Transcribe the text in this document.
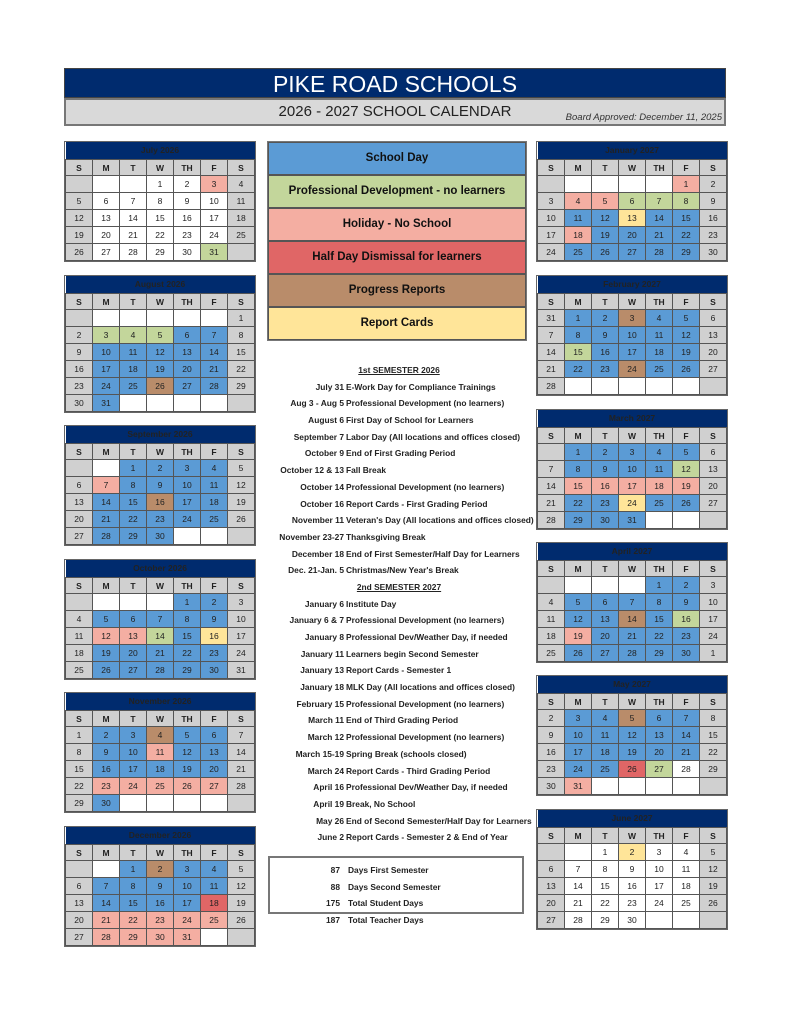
PIKE ROAD SCHOOLS
2026 - 2027 SCHOOL CALENDAR	Board Approved: December 11, 2025
School Day
Professional Development - no learners
Holiday - No School
Half Day Dismissal for learners
Progress Reports
Report Cards
1st SEMESTER 2026
July 31 E-Work Day for Compliance Trainings
Aug 3 - Aug 5 Professional Development (no learners)
August 6 First Day of School for Learners
September 7 Labor Day (All locations and offices closed)
October 9 End of First Grading Period
October 12 & 13 Fall Break
October 14 Professional Development (no learners)
October 16 Report Cards - First Grading Period
November 11 Veteran's Day (All locations and offices closed)
November 23-27 Thanksgiving Break
December 18 End of First Semester/Half Day for Learners
Dec. 21-Jan. 5 Christmas/New Year's Break
2nd SEMESTER 2027
January 6 Institute Day
January 6 & 7 Professional Development (no learners)
January 8 Professional Dev/Weather Day, if needed
January 11 Learners begin Second Semester
January 13 Report Cards - Semester 1
January 18 MLK Day (All locations and offices closed)
February 15 Professional Development (no learners)
March 11 End of Third Grading Period
March 12 Professional Development (no learners)
March 15-19 Spring Break (schools closed)
March 24 Report Cards - Third Grading Period
April 16 Professional Dev/Weather Day, if needed
April 19 Break, No School
May 26 End of Second Semester/Half Day for Learners
June 2 Report Cards - Semester 2 & End of Year
87 Days First Semester
88 Days Second Semester
175 Total Student Days
187 Total Teacher Days
July 2026						
S	M	T	W	TH	F	S
			1	2	3	4
5	6	7	8	9	10	11
12	13	14	15	16	17	18
19	20	21	22	23	24	25
26	27	28	29	30	31	
August 2026						
S	M	T	W	TH	F	S
						1
2	3	4	5	6	7	8
9	10	11	12	13	14	15
16	17	18	19	20	21	22
23	24	25	26	27	28	29
30	31					
September 2026						
S	M	T	W	TH	F	S
		1	2	3	4	5
6	7	8	9	10	11	12
13	14	15	16	17	18	19
20	21	22	23	24	25	26
27	28	29	30			
October 2026						
S	M	T	W	TH	F	S
				1	2	3
4	5	6	7	8	9	10
11	12	13	14	15	16	17
18	19	20	21	22	23	24
25	26	27	28	29	30	31
November 2026						
S	M	T	W	TH	F	S
1	2	3	4	5	6	7
8	9	10	11	12	13	14
15	16	17	18	19	20	21
22	23	24	25	26	27	28
29	30					
December 2026						
S	M	T	W	TH	F	S
		1	2	3	4	5
6	7	8	9	10	11	12
13	14	15	16	17	18	19
20	21	22	23	24	25	26
27	28	29	30	31		
January 2027						
S	M	T	W	TH	F	S
					1	2
3	4	5	6	7	8	9
10	11	12	13	14	15	16
17	18	19	20	21	22	23
24	25	26	27	28	29	30
February 2027						
S	M	T	W	TH	F	S
31	1	2	3	4	5	6
7	8	9	10	11	12	13
14	15	16	17	18	19	20
21	22	23	24	25	26	27
28						
March 2027						
S	M	T	W	TH	F	S
	1	2	3	4	5	6
7	8	9	10	11	12	13
14	15	16	17	18	19	20
21	22	23	24	25	26	27
28	29	30	31			
April 2027						
S	M	T	W	TH	F	S
				1	2	3
4	5	6	7	8	9	10
11	12	13	14	15	16	17
18	19	20	21	22	23	24
25	26	27	28	29	30	1
May 2027						
S	M	T	W	TH	F	S
2	3	4	5	6	7	8
9	10	11	12	13	14	15
16	17	18	19	20	21	22
23	24	25	26	27	28	29
30	31					
June 2027						
S	M	T	W	TH	F	S
		1	2	3	4	5
6	7	8	9	10	11	12
13	14	15	16	17	18	19
20	21	22	23	24	25	26
27	28	29	30			
